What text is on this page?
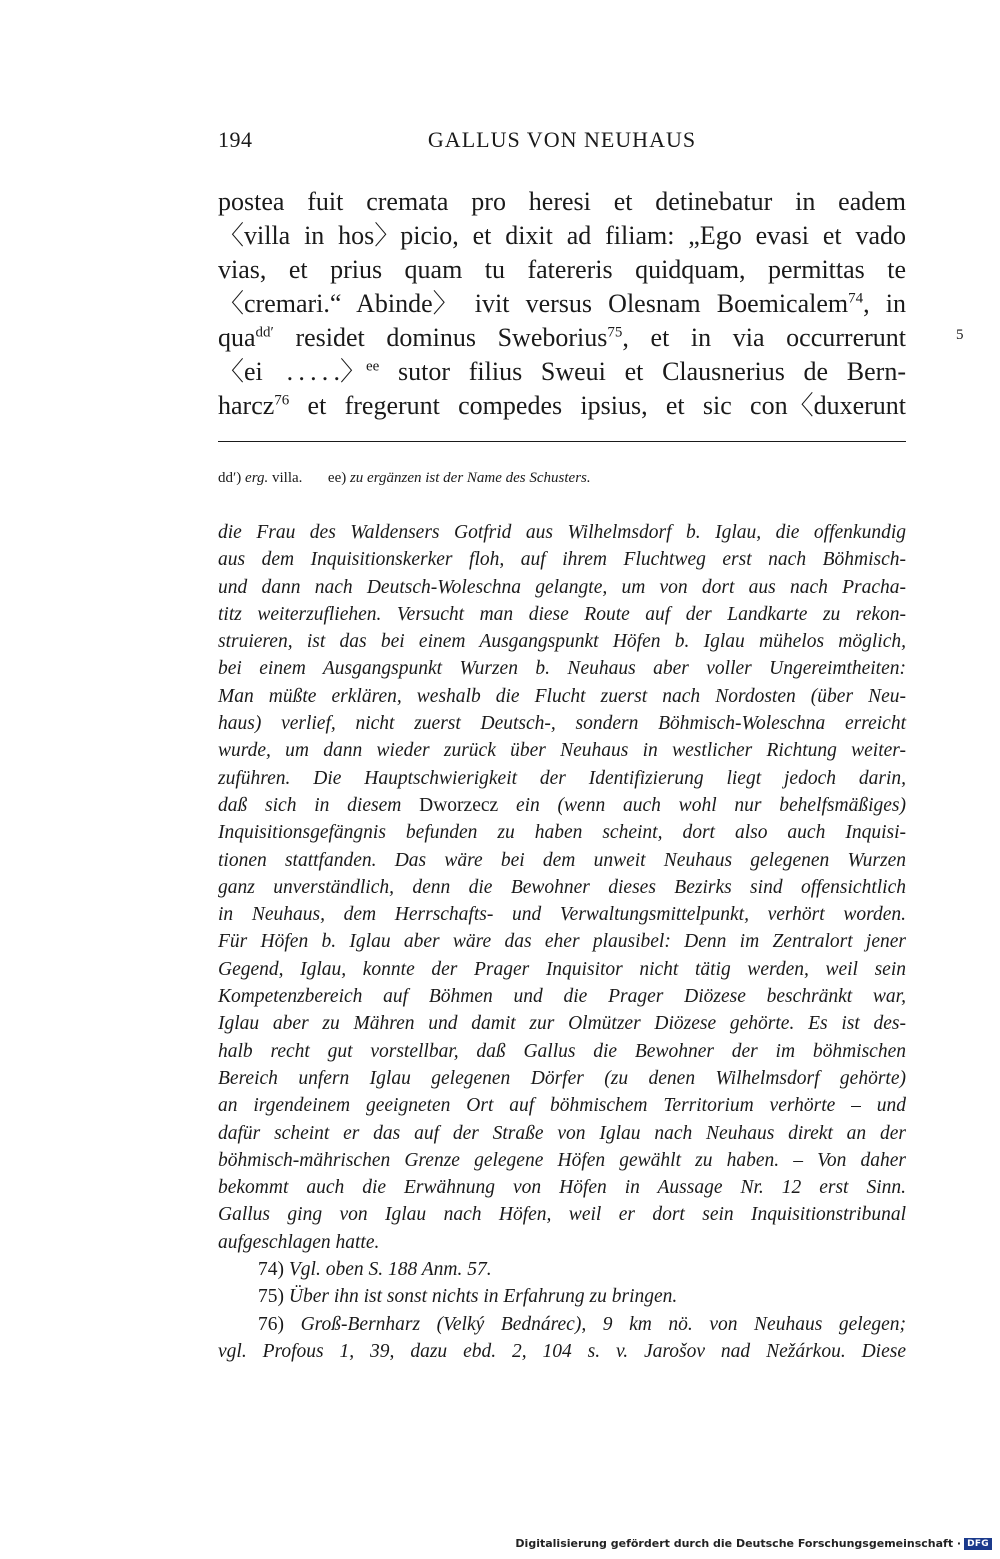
194	GALLUS VON NEUHAUS
postea fuit cremata pro heresi et detinebatur in eadem
〈villa in hos〉picio, et dixit ad filiam: „Ego evasi et vado
vias, et prius quam tu fatereris quidquam, permittas te
〈cremari.“ Abinde〉 ivit versus Olesnam Boemicalem$^{74}$, in
qua$^{dd'}$ residet dominus Sweborius$^{75}$, et in via occurrerunt
〈ei  . . . . .〉$^{ee}$ sutor filius Sweui et Clausnerius de Bern-
harcz$^{76}$ et fregerunt compedes ipsius, et sic con〈duxerunt
5
dd′) erg. villa. ee) zu ergänzen ist der Name des Schusters.
die Frau des Waldensers Gotfrid aus Wilhelmsdorf b. Iglau, die offenkundig
aus dem Inquisitionskerker floh, auf ihrem Fluchtweg erst nach Böhmisch-
und dann nach Deutsch-Woleschna gelangte, um von dort aus nach Pracha-
titz weiterzufliehen. Versucht man diese Route auf der Landkarte zu rekon-
struieren, ist das bei einem Ausgangspunkt Höfen b. Iglau mühelos möglich,
bei einem Ausgangspunkt Wurzen b. Neuhaus aber voller Ungereimtheiten:
Man müßte erklären, weshalb die Flucht zuerst nach Nordosten (über Neu-
haus) verlief, nicht zuerst Deutsch-, sondern Böhmisch-Woleschna erreicht
wurde, um dann wieder zurück über Neuhaus in westlicher Richtung weiter-
zuführen. Die Hauptschwierigkeit der Identifizierung liegt jedoch darin,
daß sich in diesem Dworzecz ein (wenn auch wohl nur behelfsmäßiges)
Inquisitionsgefängnis befunden zu haben scheint, dort also auch Inquisi-
tionen stattfanden. Das wäre bei dem unweit Neuhaus gelegenen Wurzen
ganz unverständlich, denn die Bewohner dieses Bezirks sind offensichtlich
in Neuhaus, dem Herrschafts- und Verwaltungsmittelpunkt, verhört worden.
Für Höfen b. Iglau aber wäre das eher plausibel: Denn im Zentralort jener
Gegend, Iglau, konnte der Prager Inquisitor nicht tätig werden, weil sein
Kompetenzbereich auf Böhmen und die Prager Diözese beschränkt war,
Iglau aber zu Mähren und damit zur Olmützer Diözese gehörte. Es ist des-
halb recht gut vorstellbar, daß Gallus die Bewohner der im böhmischen
Bereich unfern Iglau gelegenen Dörfer (zu denen Wilhelmsdorf gehörte)
an irgendeinem geeigneten Ort auf böhmischem Territorium verhörte – und
dafür scheint er das auf der Straße von Iglau nach Neuhaus direkt an der
böhmisch-mährischen Grenze gelegene Höfen gewählt zu haben. – Von daher
bekommt auch die Erwähnung von Höfen in Aussage Nr. 12 erst Sinn.
Gallus ging von Iglau nach Höfen, weil er dort sein Inquisitionstribunal
aufgeschlagen hatte.
74) Vgl. oben S. 188 Anm. 57.
75) Über ihn ist sonst nichts in Erfahrung zu bringen.
76) Groß-Bernharz (Velký Bednárec), 9 km nö. von Neuhaus gelegen;
vgl. Profous 1, 39, dazu ebd. 2, 104 s. v. Jarošov nad Nežárkou. Diese
Digitalisierung gefördert durch die Deutsche Forschungsgemeinschaft · DFG
